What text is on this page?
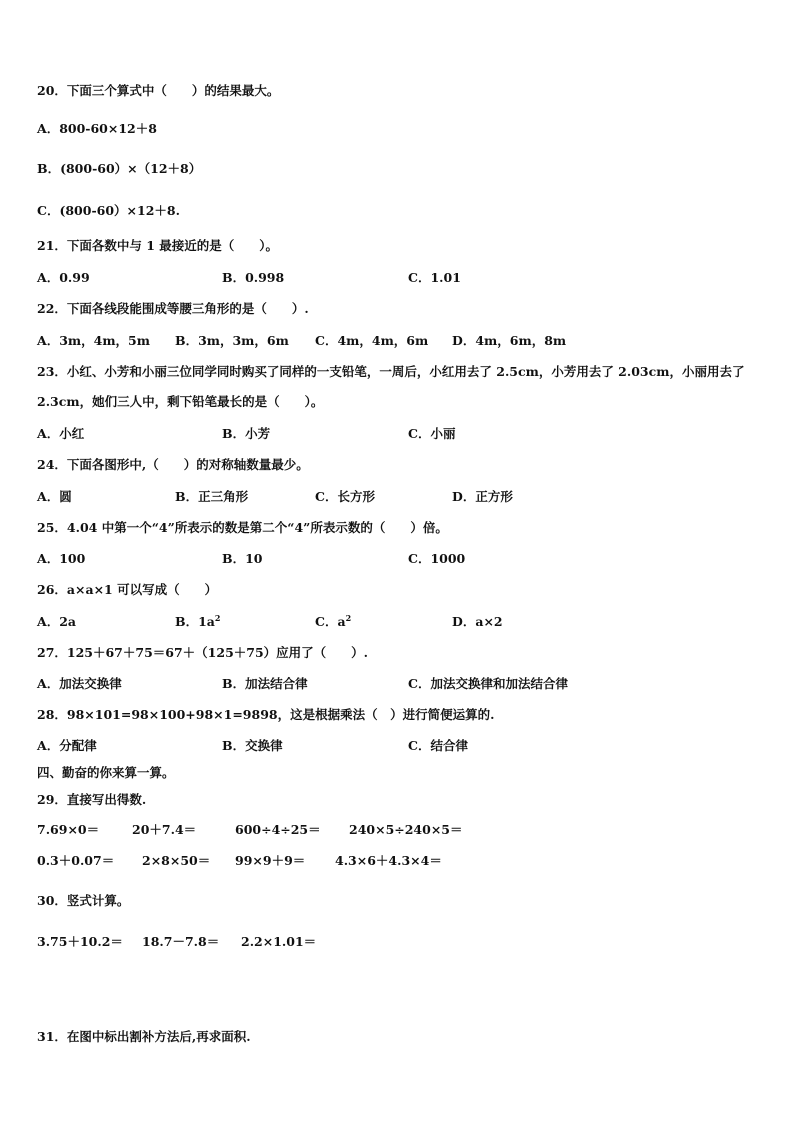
20．下面三个算式中（　　）的结果最大。
A．800-60×12＋8
B．(800-60）×（12＋8）
C．(800-60）×12＋8.
21．下面各数中与 1 最接近的是（　　）。
A．0.99	B．0.998	C．1.01
22．下面各线段能围成等腰三角形的是（　　）.
A．3m，4m，5m B．3m，3m，6m C．4m，4m，6m D．4m，6m，8m
23．小红、小芳和小丽三位同学同时购买了同样的一支铅笔，一周后，小红用去了 2.5cm，小芳用去了 2.03cm，小丽用去了 2.3cm，她们三人中，剩下铅笔最长的是（　　）。
A．小红	B．小芳	C．小丽
24．下面各图形中,（　　）的对称轴数量最少。
A．圆	B．正三角形	C．长方形	D．正方形
25．4.04 中第一个“4”所表示的数是第二个“4”所表示数的（　　）倍。
A．100	B．10	C．1000
26．a×a×1 可以写成（　　）
A．2a	B．$1a^2$	C．$a^2$	D．a×2
27．125＋67＋75＝67＋（125＋75）应用了（　　）.
A．加法交换律	B．加法结合律	C．加法交换律和加法结合律
28．98×101=98×100+98×1=9898，这是根据乘法（　）进行简便运算的.
A．分配律	B．交换律	C．结合律
四、勤奋的你来算一算。
29．直接写出得数.
7.69×0＝	20＋7.4＝	600÷4÷25＝ 240×5÷240×5＝
0.3＋0.07＝ 2×8×50＝ 99×9＋9＝ 4.3×6＋4.3×4＝
30．竖式计算。
3.75＋10.2＝ 18.7－7.8＝ 2.2×1.01＝
31．在图中标出割补方法后,再求面积.
